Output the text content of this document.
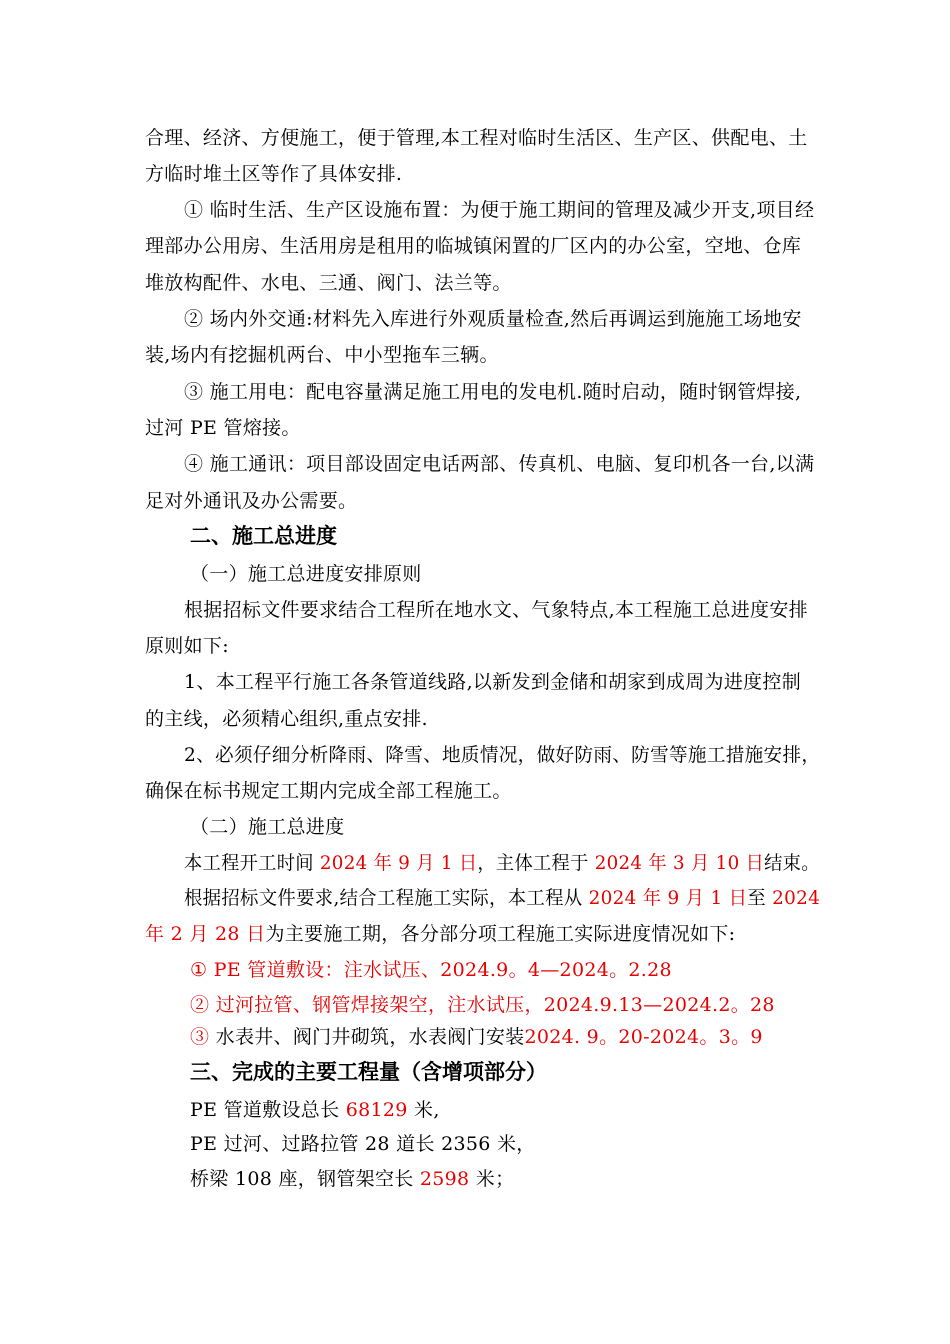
合理、经济、方便施工，便于管理,本工程对临时生活区、生产区、供配电、土
方临时堆土区等作了具体安排.
① 临时生活、生产区设施布置：为便于施工期间的管理及减少开支,项目经
理部办公用房、生活用房是租用的临城镇闲置的厂区内的办公室，空地、仓库
堆放构配件、水电、三通、阀门、法兰等。
② 场内外交通:材料先入库进行外观质量检查,然后再调运到施施工场地安
装,场内有挖掘机两台、中小型拖车三辆。
③ 施工用电：配电容量满足施工用电的发电机.随时启动，随时钢管焊接,
过河 PE 管熔接。
④ 施工通讯：项目部设固定电话两部、传真机、电脑、复印机各一台,以满
足对外通讯及办公需要。
二、施工总进度
（一）施工总进度安排原则
根据招标文件要求结合工程所在地水文、气象特点,本工程施工总进度安排
原则如下:
1、本工程平行施工各条管道线路,以新发到金储和胡家到成周为进度控制
的主线，必须精心组织,重点安排.
2、必须仔细分析降雨、降雪、地质情况，做好防雨、防雪等施工措施安排，
确保在标书规定工期内完成全部工程施工。
（二）施工总进度
本工程开工时间 2024 年 9 月 1 日，主体工程于 2024 年 3 月 10 日结束。
根据招标文件要求,结合工程施工实际，本工程从 2024 年 9 月 1 日至 2024
年 2 月 28 日为主要施工期，各分部分项工程施工实际进度情况如下:
① PE 管道敷设：注水试压、2024.9。4—2024。2.28
② 过河拉管、钢管焊接架空，注水试压，2024.9.13—2024.2。28
③ 水表井、阀门井砌筑，水表阀门安装2024. 9。20-2024。3。9
三、完成的主要工程量（含增项部分）
PE 管道敷设总长 68129 米,
PE 过河、过路拉管 28 道长 2356 米，
桥梁 108 座，钢管架空长 2598 米；
